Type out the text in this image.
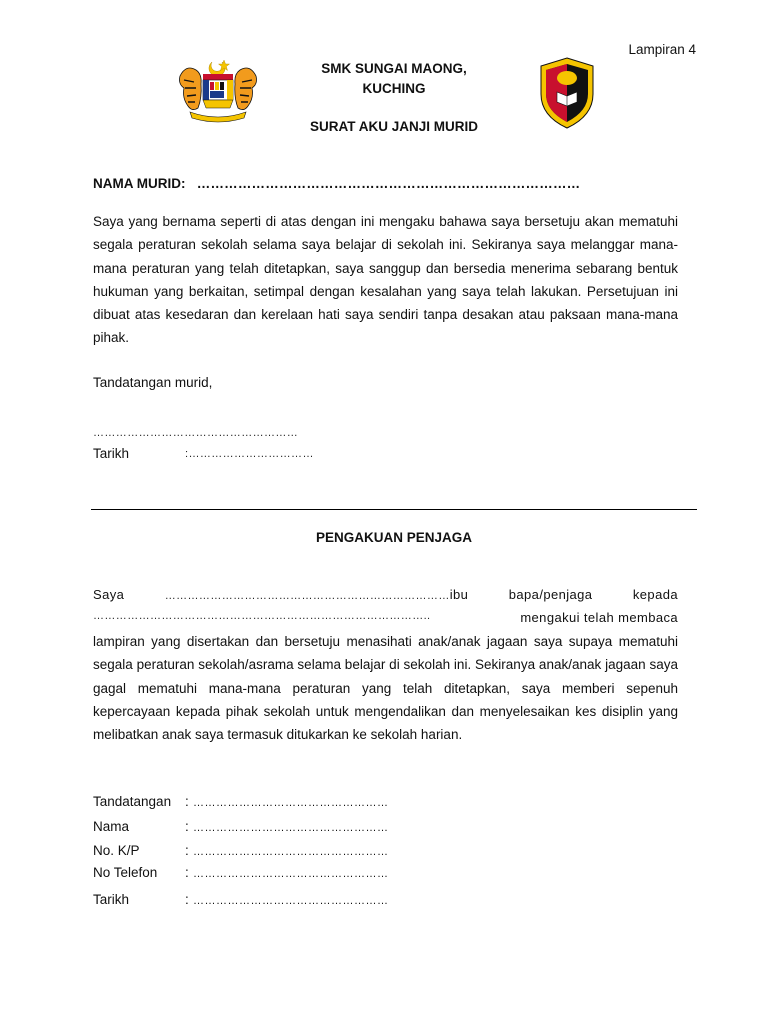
Lampiran 4
SMK SUNGAI MAONG,
KUCHING
SURAT AKU JANJI MURID
NAMA MURID: …………………………………………………………………………

Saya yang bernama seperti di atas dengan ini mengaku bahawa saya bersetuju akan mematuhi segala peraturan sekolah selama saya belajar di sekolah ini. Sekiranya saya melanggar mana-mana peraturan yang telah ditetapkan, saya sanggup dan bersedia menerima sebarang bentuk hukuman yang berkaitan, setimpal dengan kesalahan yang saya telah lakukan. Persetujuan ini dibuat atas kesedaran dan kerelaan hati saya sendiri tanpa desakan atau paksaan mana-mana pihak.

Tandatangan murid,
………………………………………………
Tarikh	:……………………………
PENGAKUAN PENJAGA
Saya	…………………………………………………………………ibu	bapa/penjaga	kepada
……………………………………………………………………………..	mengakui telah membaca

lampiran yang disertakan dan bersetuju menasihati anak/anak jagaan saya supaya mematuhi segala peraturan sekolah/asrama selama belajar di sekolah ini. Sekiranya anak/anak jagaan saya gagal mematuhi mana-mana peraturan yang telah ditetapkan, saya memberi sepenuh kepercayaan kepada pihak sekolah untuk mengendalikan dan menyelesaikan kes disiplin yang melibatkan anak saya termasuk ditukarkan ke sekolah harian.

Tandatangan	: ……………………………………………
Nama	: ……………………………………………
No. K/P	: ……………………………………………
No Telefon	: ……………………………………………
Tarikh	: ……………………………………………
